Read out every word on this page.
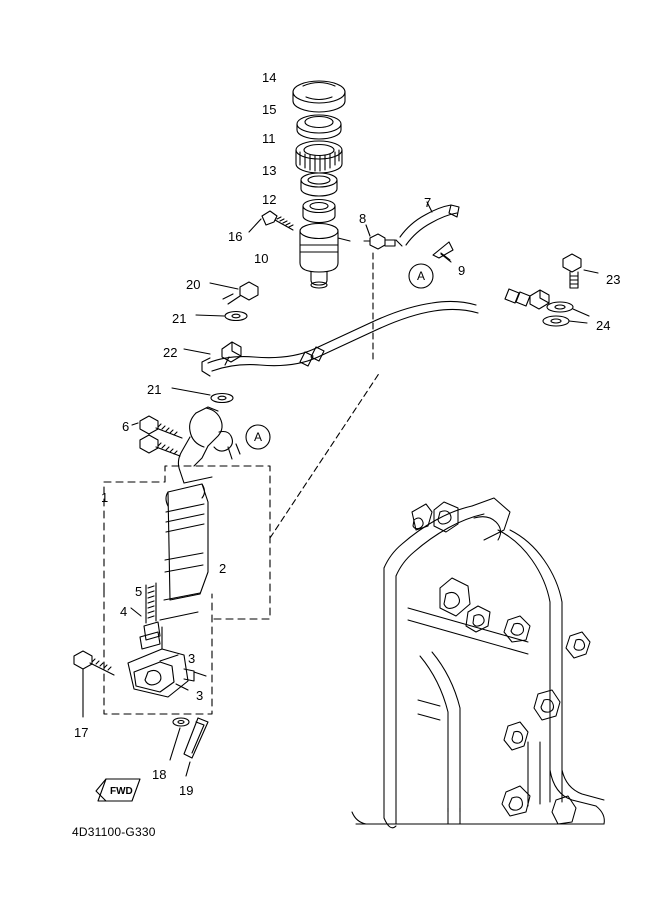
14
15
11
13
12
16
10
8
7
9
23
24
20
21
22
21
6
1
2
5
4
3
3
17
18
19
A
A
FWD
4D31100-G330
